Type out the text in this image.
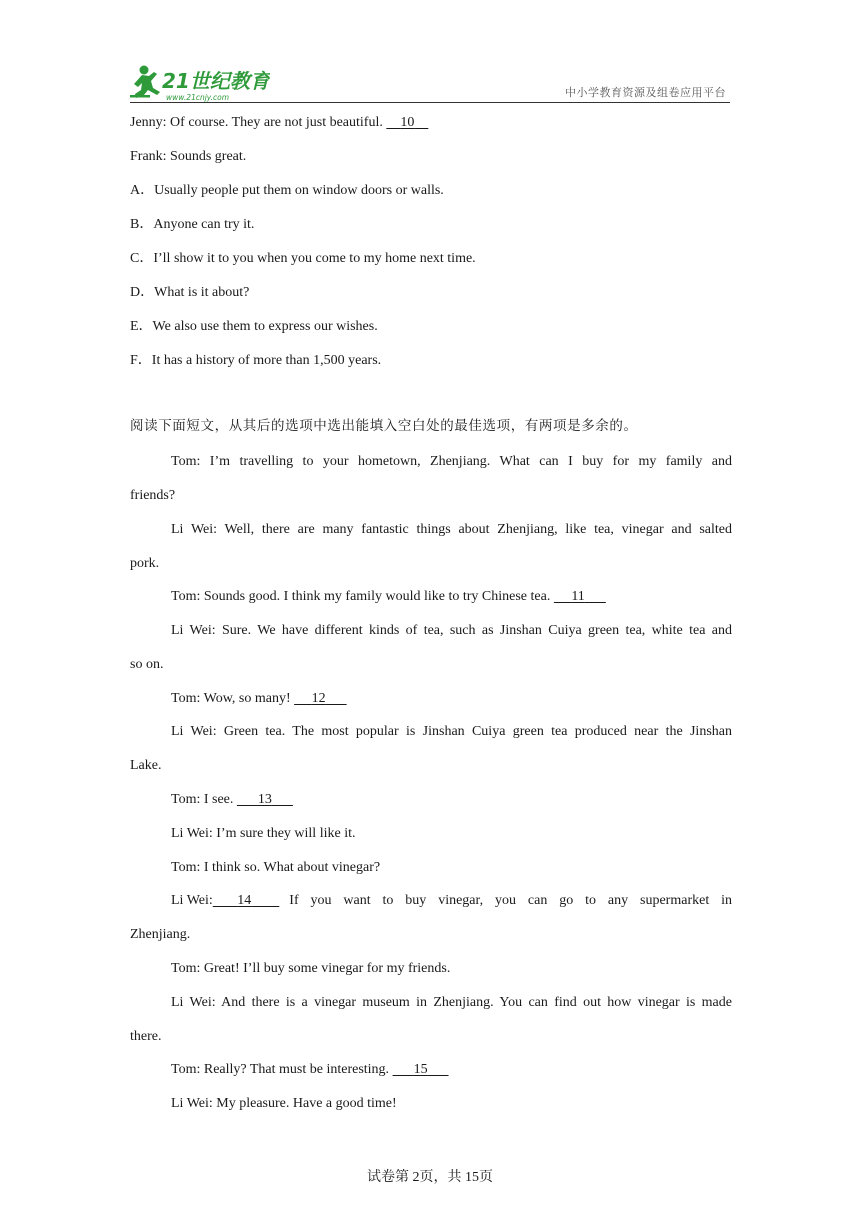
21世纪教育
www.21cnjy.com	中小学教育资源及组卷应用平台
Jenny: Of course. They are not just beautiful. 10
Frank: Sounds great.
A．Usually people put them on window doors or walls.
B．Anyone can try it.
C．I’ll show it to you when you come to my home next time.
D．What is it about?
E．We also use them to express our wishes.
F．It has a history of more than 1,500 years.
阅读下面短文，从其后的选项中选出能填入空白处的最佳选项，有两项是多余的。
Tom: I’m travelling to your hometown, Zhenjiang. What can I buy for my family and
friends?
Li Wei: Well, there are many fantastic things about Zhenjiang, like tea, vinegar and salted
pork.
Tom: Sounds good. I think my family would like to try Chinese tea. 11
Li Wei: Sure. We have different kinds of tea, such as Jinshan Cuiya green tea, white tea and
so on.
Tom: Wow, so many! 12
Li Wei: Green tea. The most popular is Jinshan Cuiya green tea produced near the Jinshan
Lake.
Tom: I see. 13
Li Wei: I’m sure they will like it.
Tom: I think so. What about vinegar?
Li Wei:	14	If you want to buy vinegar, you can go to any supermarket in
Zhenjiang.
Tom: Great! I’ll buy some vinegar for my friends.
Li Wei: And there is a vinegar museum in Zhenjiang. You can find out how vinegar is made
there.
Tom: Really? That must be interesting. 15
Li Wei: My pleasure. Have a good time!
试卷第 2页，共 15页
